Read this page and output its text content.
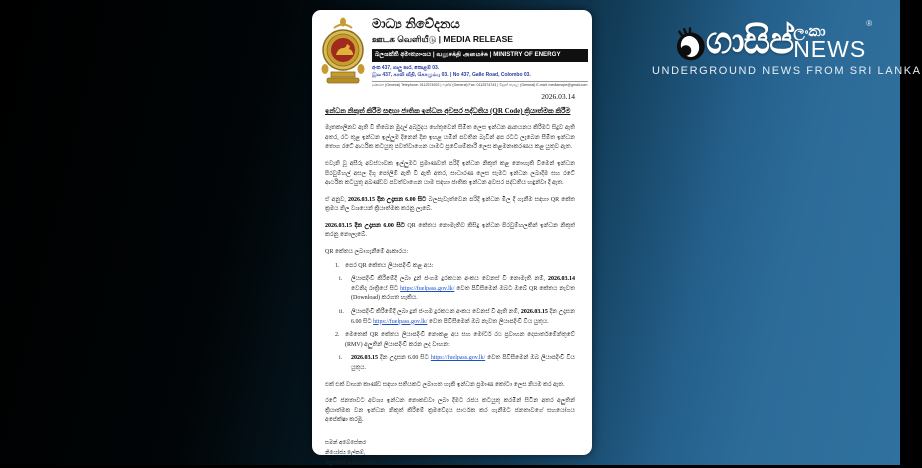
ගාසිප් ලංකා
NEWS
®
UNDERGROUND NEWS FROM SRI LANKA
මාධ්‍ය නිවේදනය
ஊடக வெளியீடு | MEDIA RELEASE
බලශක්ති අමාත්‍යාංශය | வலுசக்தி அமைச்சு | MINISTRY OF ENERGY
අංක 437, ගාලු පාර, කොළඹ 03.
இல 437, காலி வீதி, கொழும்பு 03. | No 437, Galle Road, Colombo 03.
දුරකථන (General) Telephone: 0112574922 | ෆැක්ස් (General) Fax: 0112574743 | විද්‍යුත් තැපෑල (General) E-mail: mediamope@gmail.com
2026.03.14
ඉන්ධන නිකුත් කිරීම සඳහා ජාතික ඉන්ධන අවසර පද්ධතිය (QR Code) ක්‍රියාත්මක කිරීම

මෑතකාලීනව ඇති වී තිබෙන මුදල් අර්බුදය හේතුවෙන් සීමිත ලෙස ඉන්ධන ආනයනය කිරීමට සිදුව ඇති අතර, රට තුළ ඉන්ධන ඉල්ලුම දිනෙන් දින ඉහළ යමින් පවතින බැවින් අප රටට ලැබෙන සීමිත ඉන්ධන තොග රටේ ආර්ථික කටයුතු පවත්වාගෙන යාමට ප්‍රවේශම්කාරී ලෙස කළමනාකරණය කළ යුතුව ඇත.

එවැනි වූ අසීරු අවස්ථාවක ඉල්ලුමට ප්‍රමාණවත් පරිදි ඉන්ධන නිකුත් කළ නොහැකි වීමෙන් ඉන්ධන පිරවුම්හල් අසල දිගු පෝලිම් ඇති වී ඇති අතර, සාධාරණ ලෙස සැමට ඉන්ධන ලබාදීම සහ රටේ ආර්ථික කටයුතු අඛණ්ඩව පවත්වාගෙන යාම සඳහා ජාතික ඉන්ධන අවසර පද්ධතිය හඳුන්වා දී ඇත.

ඒ අනුව, 2026.03.15 දින උදෑසන 6.00 සිට බලපැවැත්වෙන පරිදි ඉන්ධන මිල දී ගැනීම සඳහා QR කේත ක්‍රමය නිල වශයෙන් ක්‍රියාත්මක කරනු ලැබේ.

2026.03.15 දින උදෑසන 6.00 සිට QR කේතය නොමැතිව කිසිදු ඉන්ධන පිරවුම්හලකින් ඉන්ධන නිකුත් කරනු නොලැබේ.

QR කේතය ලබාගැනීමේ ආකාරය:

1. පෙර QR කේතය ලියාපදිංචි කළ අය:
i.	ලියාපදිංචි කිරීමේදී ලබා දුන් ජංගම දුරකථන අංකය වෙනස් වී නොමැති නම්, 2026.03.14 වෙනිදා රාත්‍රියේ සිට https://fuelpass.gov.lk/ වෙත පිවිසීමෙන් ඔබට ඔබේ QR කේතය නැවත (Download) කරගත හැකිය.
ii.	ලියාපදිංචි කිරීමේදී ලබා දුන් ජංගම දුරකථන අංකය වෙනස් වී ඇති නම්, 2026.03.15 දින උදෑසන 6.00 සිට https://fuelpass.gov.lk/ වෙත පිවිසීමෙන් ඔබ නැවත ලියාපදිංචි විය යුතුය.
2. මෙතෙක් QR කේතය ලියාපදිංචි නොකළ අය සහ මෝටර් රථ ප්‍රවාහන දෙපාර්තමේන්තුවේ (RMV) අලුතින් ලියාපදිංචි කරන ලද වාහන:
i.	2026.03.15 දින උදෑසන 6.00 සිට https://fuelpass.gov.lk/ වෙත පිවිසීමෙන් ඔබ ලියාපදිංචි විය යුතුය.

එක් එක් වාහන කාණ්ඩ සඳහා සතියකට ලබාගත හැකි ඉන්ධන ප්‍රමාණ කෝටා ලෙස නියම කර ඇත.

රටේ ජනතාවට අවශ්‍ය ඉන්ධන නොකඩවා ලබා දීමට රජය කටයුතු කරමින් සිටින අතර අලුතින් ක්‍රියාත්මක වන ඉන්ධන නිකුත් කිරීමේ ක්‍රමවේදය සාර්ථක කර ගැනීමට ජනතාවගේ සහයෝගය අපේක්ෂා කරමු.

සමන් අබේසේකර
නියෝජ්‍ය ලේකම්,
බලශක්ති අමාත්‍යාංශය.
